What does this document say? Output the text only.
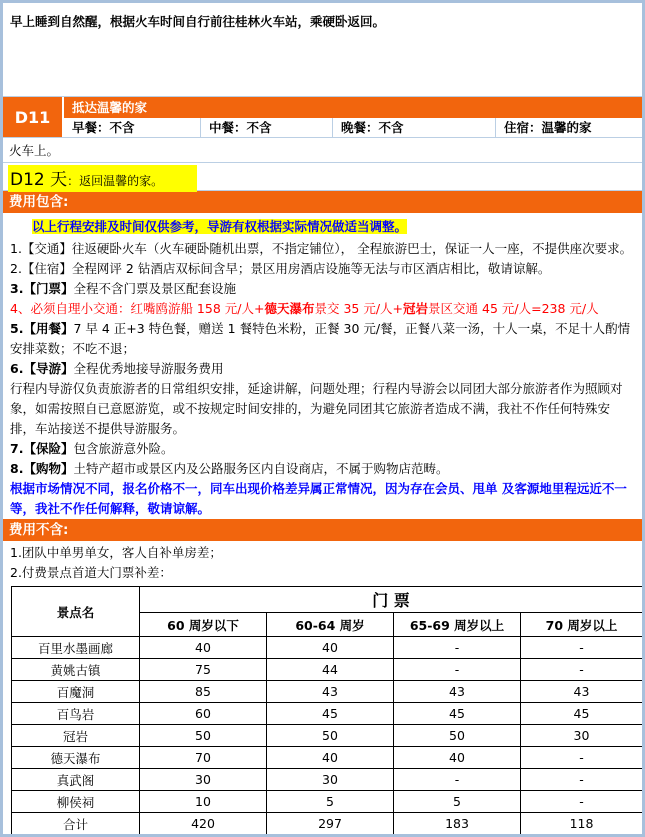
早上睡到自然醒，根据火车时间自行前往桂林火车站，乘硬卧返回。
D11	抵达温馨的家
早餐：不含	中餐：不含	晚餐：不含	住宿：温馨的家
火车上。
D12 天：返回温馨的家。
费用包含:
以上行程安排及时间仅供参考，导游有权根据实际情况做适当调整。
1.【交通】往返硬卧火车（火车硬卧随机出票，不指定铺位）， 全程旅游巴士，保证一人一座，不提供座次要求。
2.【住宿】全程网评 2 钻酒店双标间含早；景区用房酒店设施等无法与市区酒店相比，敬请谅解。
3.【门票】全程不含门票及景区配套设施
4、必须自理小交通：红嘴鸥游船 158 元/人+德天瀑布景交 35 元/人+冠岩景区交通 45 元/人=238 元/人
5.【用餐】7 早 4 正+3 特色餐，赠送 1 餐特色米粉，正餐 30 元/餐，正餐八菜一汤，十人一桌，不足十人酌情安排菜数；不吃不退；
6.【导游】全程优秀地接导游服务费用
行程内导游仅负责旅游者的日常组织安排，延途讲解，问题处理；行程内导游会以同团大部分旅游者作为照顾对象，如需按照自已意愿游览，或不按规定时间安排的，为避免同团其它旅游者造成不满，我社不作任何特殊安排，车站接送不提供导游服务。
7.【保险】包含旅游意外险。
8.【购物】土特产超市或景区内及公路服务区内自设商店，不属于购物店范畴。
根据市场情况不同，报名价格不一，同车出现价格差异属正常情况，因为存在会员、甩单 及客源地里程远近不一等，我社不作任何解释，敬请谅解。
费用不含:
1.团队中单男单女，客人自补单房差；
2.付费景点首道大门票补差：
景点名	门 票			
	60 周岁以下	60-64 周岁	65-69 周岁以上	70 周岁以上
百里水墨画廊	40	40	-	-
黄姚古镇	75	44	-	-
百魔洞	85	43	43	43
百鸟岩	60	45	45	45
冠岩	50	50	50	30
德天瀑布	70	40	40	-
真武阁	30	30	-	-
柳侯祠	10	5	5	-
合计	420	297	183	118
